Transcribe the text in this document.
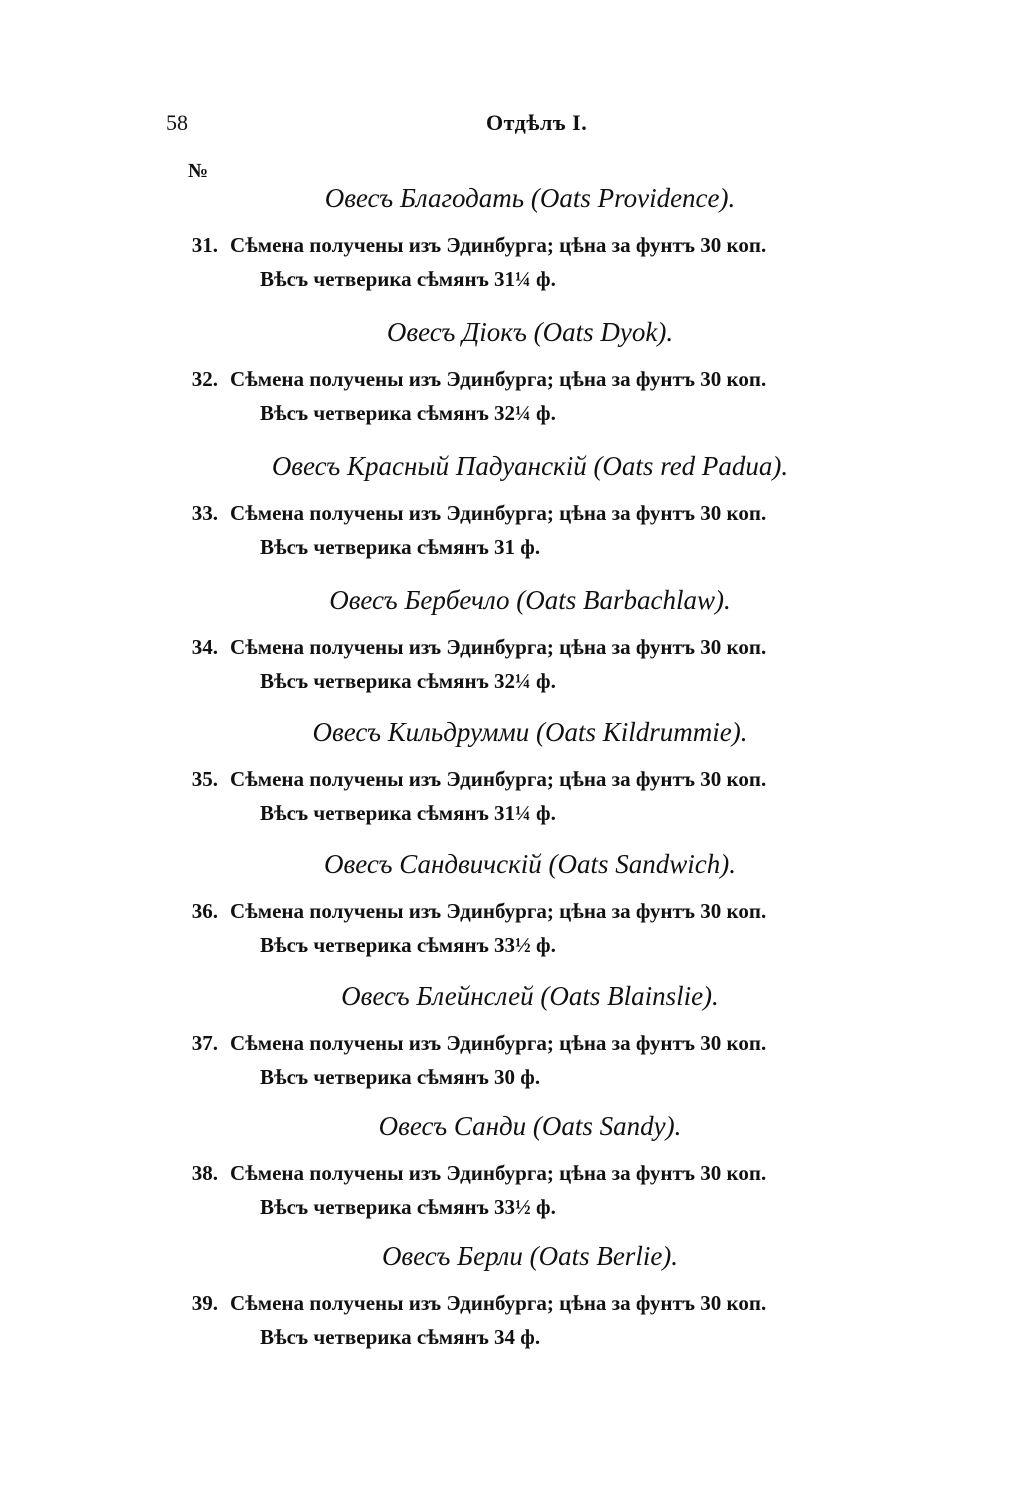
58	Отдѣлъ I.
№
Овесъ Благодать (Oats Providence).
31. Сѣмена получены изъ Эдинбурга; цѣна за фунтъ 30 коп.
Вѣсъ четверика сѣмянъ 31¼ ф.
Овесъ Діокъ (Oats Dyok).
32. Сѣмена получены изъ Эдинбурга; цѣна за фунтъ 30 коп.
Вѣсъ четверика сѣмянъ 32¼ ф.
Овесъ Красный Падуанскій (Oats red Padua).
33. Сѣмена получены изъ Эдинбурга; цѣна за фунтъ 30 коп.
Вѣсъ четверика сѣмянъ 31 ф.
Овесъ Бербечло (Oats Barbachlaw).
34. Сѣмена получены изъ Эдинбурга; цѣна за фунтъ 30 коп.
Вѣсъ четверика сѣмянъ 32¼ ф.
Овесъ Кильдрумми (Oats Kildrummie).
35. Сѣмена получены изъ Эдинбурга; цѣна за фунтъ 30 коп.
Вѣсъ четверика сѣмянъ 31¼ ф.
Овесъ Сандвичскій (Oats Sandwich).
36. Сѣмена получены изъ Эдинбурга; цѣна за фунтъ 30 коп.
Вѣсъ четверика сѣмянъ 33½ ф.
Овесъ Блейнслей (Oats Blainslie).
37. Сѣмена получены изъ Эдинбурга; цѣна за фунтъ 30 коп.
Вѣсъ четверика сѣмянъ 30 ф.
Овесъ Санди (Oats Sandy).
38. Сѣмена получены изъ Эдинбурга; цѣна за фунтъ 30 коп.
Вѣсъ четверика сѣмянъ 33½ ф.
Овесъ Берли (Oats Berlie).
39. Сѣмена получены изъ Эдинбурга; цѣна за фунтъ 30 коп.
Вѣсъ четверика сѣмянъ 34 ф.
